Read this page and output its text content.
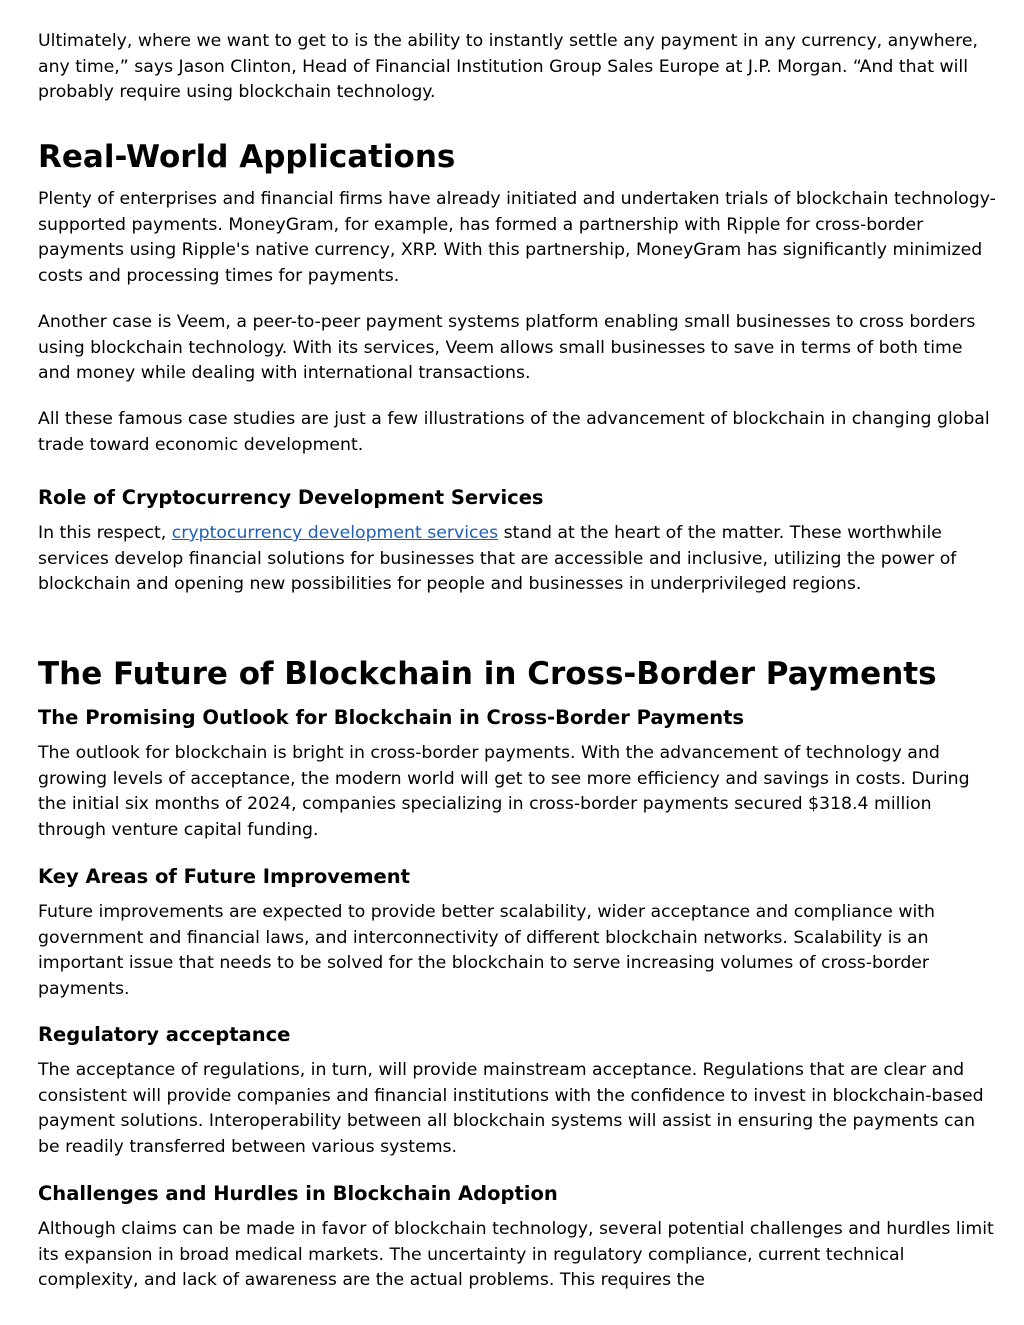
Ultimately, where we want to get to is the ability to instantly settle any payment in any currency, anywhere, any time,” says Jason Clinton, Head of Financial Institution Group Sales Europe at J.P. Morgan. “And that will probably require using blockchain technology.

Real-World Applications

Plenty of enterprises and financial firms have already initiated and undertaken trials of blockchain technology-supported payments. MoneyGram, for example, has formed a partnership with Ripple for cross-border payments using Ripple's native currency, XRP. With this partnership, MoneyGram has significantly minimized costs and processing times for payments.

Another case is Veem, a peer-to-peer payment systems platform enabling small businesses to cross borders using blockchain technology. With its services, Veem allows small businesses to save in terms of both time and money while dealing with international transactions.

All these famous case studies are just a few illustrations of the advancement of blockchain in changing global trade toward economic development.

Role of Cryptocurrency Development Services

In this respect, cryptocurrency development services stand at the heart of the matter. These worthwhile services develop financial solutions for businesses that are accessible and inclusive, utilizing the power of blockchain and opening new possibilities for people and businesses in underprivileged regions.

The Future of Blockchain in Cross-Border Payments
The Promising Outlook for Blockchain in Cross-Border Payments

The outlook for blockchain is bright in cross-border payments. With the advancement of technology and growing levels of acceptance, the modern world will get to see more efficiency and savings in costs. During the initial six months of 2024, companies specializing in cross-border payments secured $318.4 million through venture capital funding.

Key Areas of Future Improvement

Future improvements are expected to provide better scalability, wider acceptance and compliance with government and financial laws, and interconnectivity of different blockchain networks. Scalability is an important issue that needs to be solved for the blockchain to serve increasing volumes of cross-border payments.

Regulatory acceptance

The acceptance of regulations, in turn, will provide mainstream acceptance. Regulations that are clear and consistent will provide companies and financial institutions with the confidence to invest in blockchain-based payment solutions. Interoperability between all blockchain systems will assist in ensuring the payments can be readily transferred between various systems.

Challenges and Hurdles in Blockchain Adoption

Although claims can be made in favor of blockchain technology, several potential challenges and hurdles limit its expansion in broad medical markets. The uncertainty in regulatory compliance, current technical complexity, and lack of awareness are the actual problems. This requires the
